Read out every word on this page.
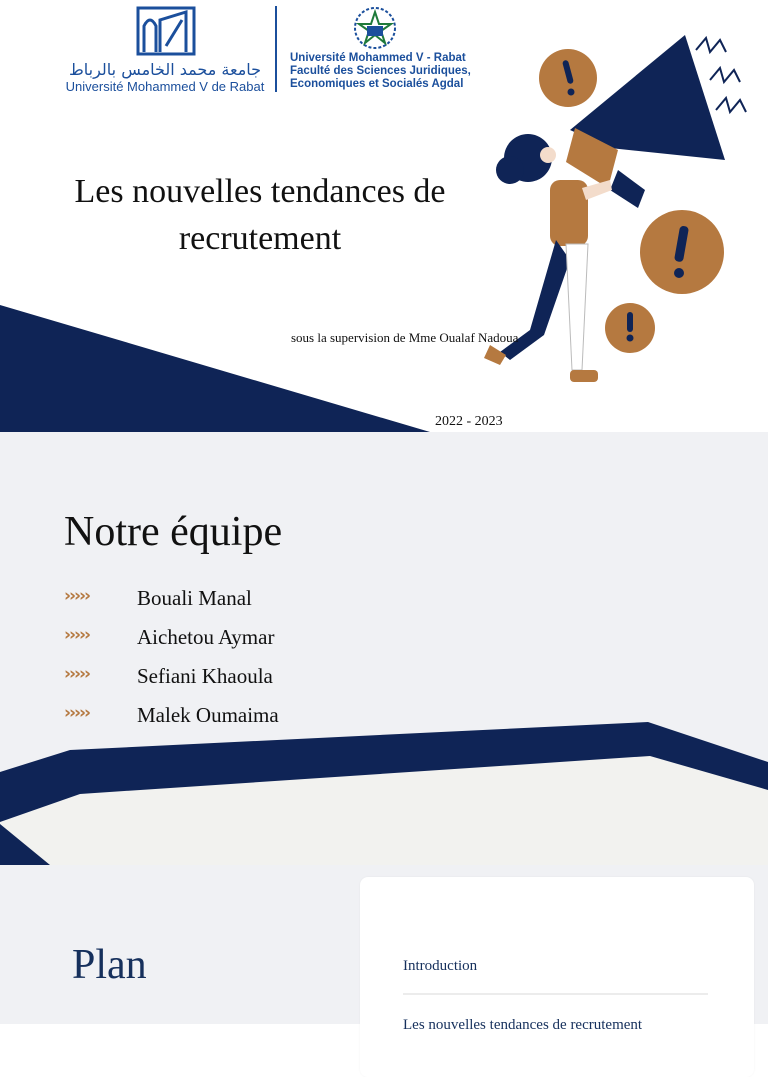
جامعة محمد الخامس بالرباط
Université Mohammed V de Rabat
Université Mohammed V - Rabat
Faculté des Sciences Juridiques,
Economiques et Socialés Agdal
Les nouvelles tendances de
recrutement
sous la supervision de Mme Oualaf Nadoua
2022 - 2023
Notre équipe
››››› Bouali Manal
››››› Aichetou Aymar
››››› Sefiani Khaoula
››››› Malek Oumaima
Plan	Introduction
Les nouvelles tendances de recrutement
